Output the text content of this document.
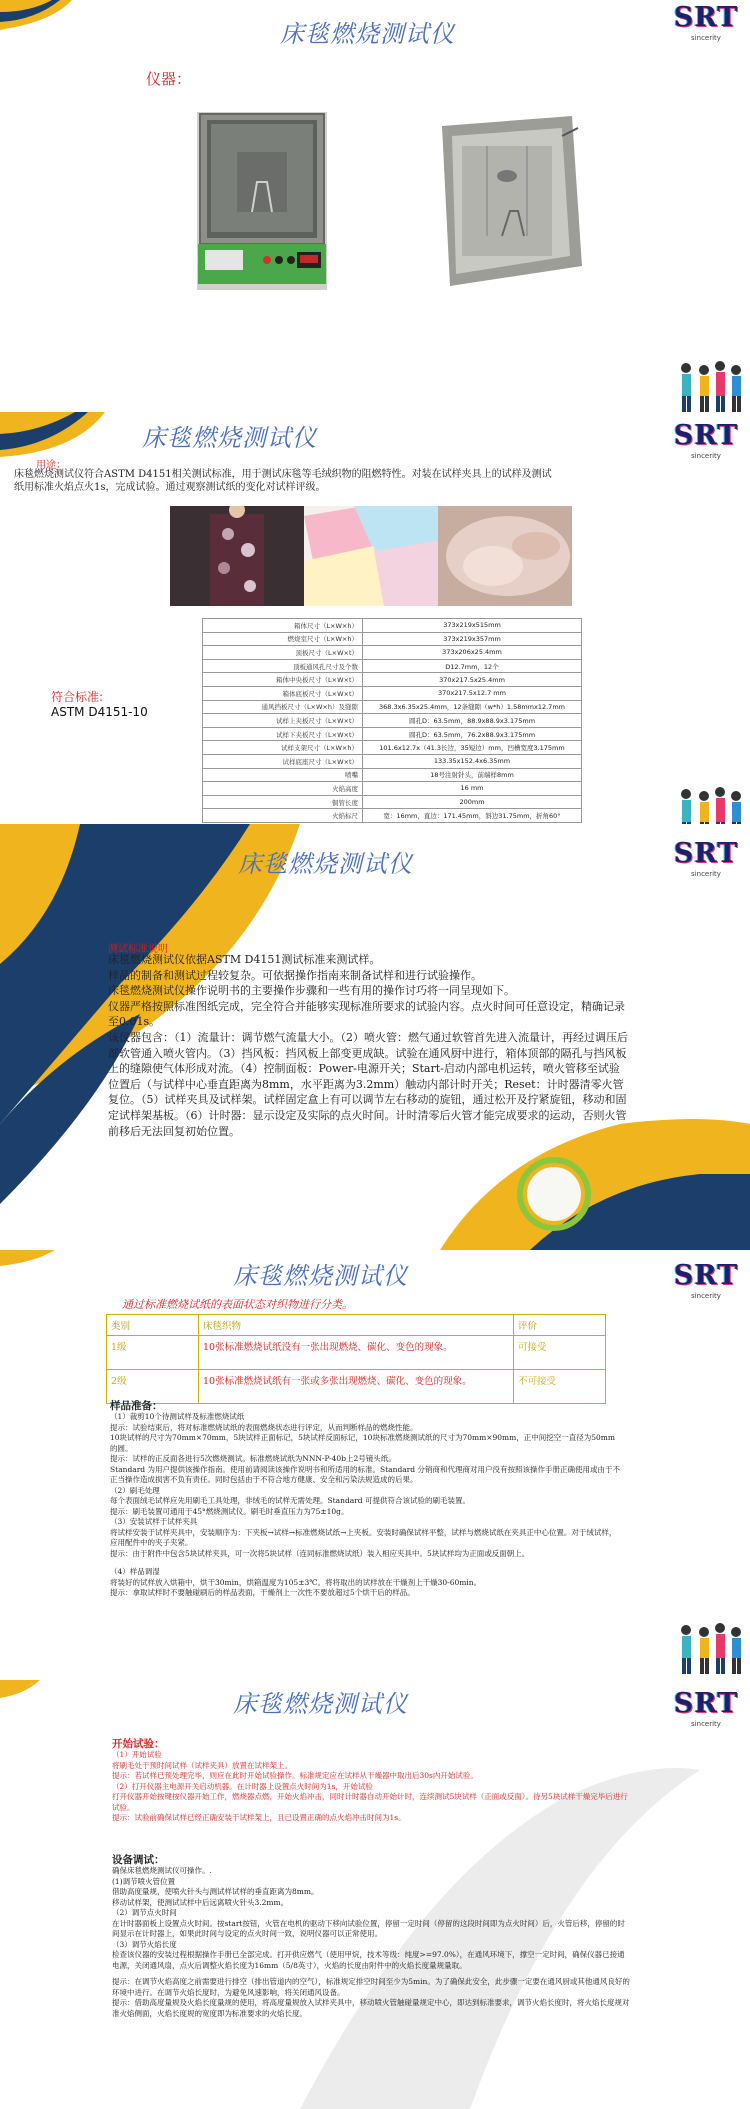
床毯燃烧测试仪
SRT
sincerity
仪器：
床毯燃烧测试仪	SRT
sincerity
用途：
床毯燃烧测试仪符合ASTM D4151相关测试标准，用于测试床毯等毛绒织物的阻燃特性。对装在试样夹具上的试样及测试纸用标准火焰点火1s，完成试验。通过观察测试纸的变化对试样评级。
符合标准:
ASTM D4151-10
箱体尺寸（L×W×h）	373x219x515mm
燃烧室尺寸（L×W×h）	373x219x357mm
顶板尺寸（L×W×t）	373x206x25.4mm
顶板通风孔尺寸及个数	D12.7mm，12个
箱体中央板尺寸（L×W×t）	370x217.5x25.4mm
箱体底板尺寸（L×W×t）	370x217.5x12.7 mm
通风挡板尺寸（L×W×h）及缝隙	368.3x6.35x25.4mm，12条缝隙（w*h）1.58mmx12.7mm
试样上夹板尺寸（L×W×t）	圆孔D：63.5mm，88.9x88.9x3.175mm
试样下夹板尺寸（L×W×t）	圆孔D：63.5mm，76.2x88.9x3.175mm
试样支架尺寸（L×W×h）	101.6x12.7x（41.3长边，35短边）mm，凹槽宽度3.175mm
试样底座尺寸（L×W×t）	133.35x152.4x6.35mm
喷嘴	18号注射针头，前端样8mm
火焰高度	16 mm
铜管长度	200mm
火焰标尺	宽：16mm，直边：171.45mm，斜边31.75mm，折角60°
床毯燃烧测试仪	SRT
sincerity
测试标准说明
床毯燃烧测试仪依据ASTM D4151测试标准来测试样。
样品的制备和测试过程较复杂。可依据操作指南来制备试样和进行试验操作。
床毯燃烧测试仪操作说明书的主要操作步骤和一些有用的操作讨巧将一同呈现如下。
仪器严格按照标准图纸完成，完全符合并能够实现标准所要求的试验内容。点火时间可任意设定，精确记录至0.01s。
该仪器包含：（1）流量计：调节燃气流量大小。（2）喷火管：燃气通过软管首先进入流量计，再经过调压后部软管通入喷火管内。（3）挡风板：挡风板上部变更成缺。试验在通风厨中进行，箱体顶部的隔孔与挡风板上的缝隙使气体形成对流。（4）控制面板：Power-电源开关；Start-启动内部电机运转，喷火管移至试验位置后（与试样中心垂直距离为8mm，水平距离为3.2mm）触动内部计时开关；Reset：计时器清零火管复位。（5）试样夹具及试样架。试样固定盒上有可以调节左右移动的旋钮，通过松开及拧紧旋钮，移动和固定试样架基板。（6）计时器：显示设定及实际的点火时间。计时清零后火管才能完成要求的运动，否则火管前移后无法回复初始位置。
床毯燃烧测试仪	SRT
sincerity
通过标准燃烧试纸的表面状态对织物进行分类。
类别	床毯织物	评价
1级	10张标准燃烧试纸没有一张出现燃烧、碳化、变色的现象。	可接受
2级	10张标准燃烧试纸有一张或多张出现燃烧、碳化、变色的现象。	不可接受
样品准备：
（1）裁剪10个待测试样及标准燃烧试纸
提示：试验结束后，将对标准燃烧试纸的表面燃烧状态进行评定，从而判断样品的燃烧性能。
10块试样的尺寸为70mm×70mm，5块试样正面标记，5块试样反面标记，10块标准燃烧测试纸的尺寸为70mm×90mm，正中间挖空一直径为50mm的圆。
提示：试样的正反面各进行5次燃烧测试。标准燃烧试纸为NNN-P-40b上2号镜头纸。
Standard 为用户提供该操作指南。使用前请阅读该操作说明书和所适用的标准。Standard 分销商和代理商对用户没有按照该操作手册正确使用或由于不正当操作造成损害不负有责任。同时包括由于不符合地方健康、安全和污染法规造成的后果。
（2）刷毛处理
每个表面绒毛试样应先用刷毛工具处理，非绒毛的试样无需处理。Standard 可提供符合该试验的刷毛装置。
提示：刷毛装置可通用于45°燃烧测试仪。刷毛时垂直压力为75±10g。
（3）安装试样于试样夹具
将试样安装于试样夹具中，安装顺序为：下夹板→试样→标准燃烧试纸→上夹板。安装时确保试样平整，试样与燃烧试纸在夹具正中心位置。对于绒试样，应用配件中的夹子夹紧。
提示：由于附件中包含5块试样夹具，可一次将5块试样（连同标准燃烧试纸）装入相应夹具中。5块试样均为正面或反面朝上。
（4）样品调湿
将装好的试样放入烘箱中，烘干30min，烘箱温度为105±3℃。将将取出的试样放在干燥剂上干燥30-60min。
提示：拿取试样时不要触碰刷后的样品表面，干燥剂上一次性不要放超过5个烘干后的样品。
床毯燃烧测试仪	SRT
sincerity
开始试验：
（1）开始试验
将刷毛处于预时间试样（试样夹具）放置在试样架上。
提示：若试样已预处理完毕，则应在此时开始试验操作。标准规定应在试样从干燥器中取出后30s内开始试验。
（2）打开仪器主电源开关启动机器。在计时器上设置点火时间为1s，开始试验
打开仪器开始按键按仪器开始工作，燃烧器点燃，开始火焰冲击，同时计时器自动开始计时，连续测试5块试样（正面或反面）。待另5块试样干燥完毕后进行试验。
提示：试验前确保试样已经正确安装于试样架上，且已设置正确的点火焰冲击时间为1s。
设备调试：
确保床毯燃烧测试仪可操作。.
(1)调节喷火管位置
借助高度量规，使喷火针头与测试样试样的垂直距离为8mm。
移动试样架，使测试试样中后远离喷火针头3.2mm。
（2）调节点火时间
在计时器面板上设置点火时间。按start按钮，火管在电机的驱动下移向试验位置，停留一定时间（停留的这段时间即为点火时间）后，火管后移，停留的时间显示在计时器上，如果此时间与设定的点火时间一致，说明仪器可以正常使用。
（3）调节火焰长度
检查该仪器的安装过程根据操作手册已全部完成。打开供应燃气（使用甲烷，技术等级：纯度>=97.0%），在通风环境下，撑空一定时间，确保仪器已接通电源，关闭通风扇，点火后调整火焰长度为16mm（5/8英寸），火焰的长度由附件中的火焰长度量规量取。
提示：在调节火焰高度之前需要进行排空（排出管道内的空气），标准规定排空时间至少为5min。为了确保此安全，此步骤一定要在通风厨或其他通风良好的环境中进行。在调节火焰长度时，为避免风速影响，将关闭通风设备。
提示：借助高度量规及火焰长度量规的使用，将高度量规放入试样夹具中，移动喷火管触碰量规定中心，即达到标准要求，调节火焰长度时，将火焰长度规对准火焰侧面，火焰长度规的宽度即为标准要求的火焰长度。
